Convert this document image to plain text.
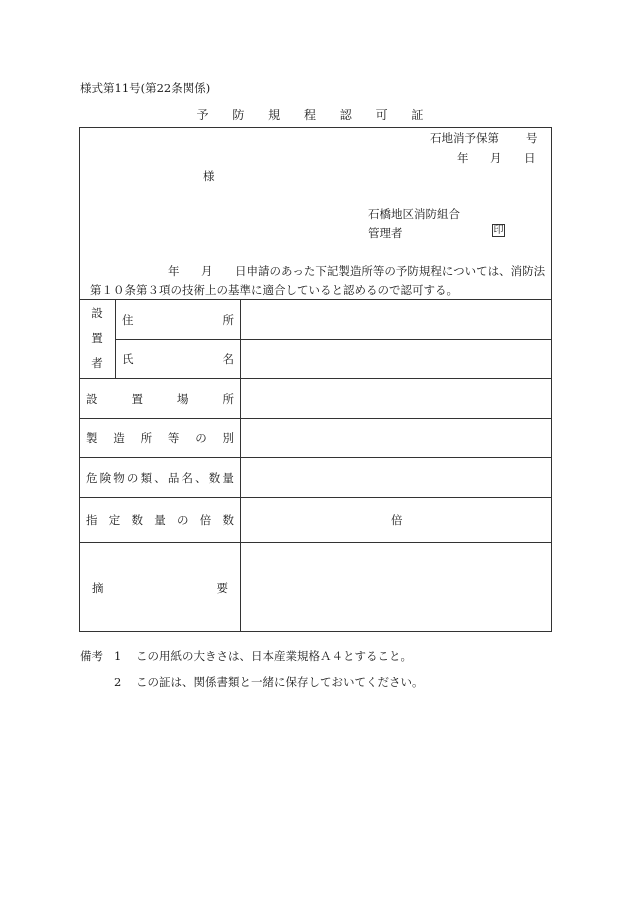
様式第11号(第22条関係)
予 防 規 程 認 可 証
石地消予保第 号
年 月 日
様
石橋地区消防組合
管理者	印
年 月 日申請のあった下記製造所等の予防規程については、消防法
第１０条第３項の技術上の基準に適合していると認めるので認可する。
設
置
者
住	所
氏	名
設	置	場	所
製 造 所 等 の 別
危 険 物 の 類 、 品 名 、 数 量
指 定 数 量 の 倍 数	倍
摘	要
備考 1	この用紙の大きさは、日本産業規格Ａ４とすること。
2	この証は、関係書類と一緒に保存しておいてください。
